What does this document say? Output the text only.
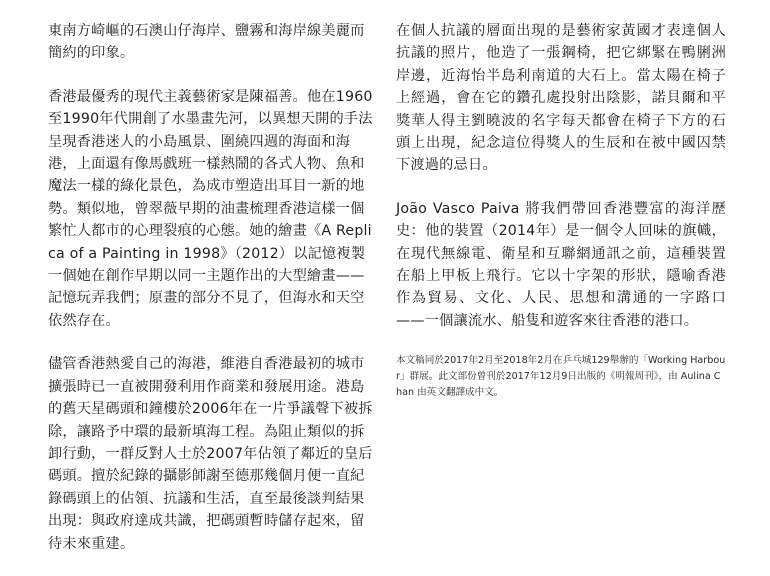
東南方崎嶇的石澳山仔海岸、鹽霧和海岸線美麗而簡約的印象。

香港最優秀的現代主義藝術家是陳福善。他在1960至1990年代開創了水墨畫先河，以異想天開的手法呈現香港迷人的小島風景、圍繞四週的海面和海港，上面還有像馬戲班一樣熱鬧的各式人物、魚和魔法一樣的綠化景色，為成市塑造出耳目一新的地勢。類似地，曾翠薇早期的油畫梳理香港這樣一個繁忙人都市的心理裂痕的心態。她的繪畫《A Replica of a Painting in 1998》（2012）以記憶複製一個她在創作早期以同一主題作出的大型繪畫——記憶玩弄我們；原畫的部分不見了，但海水和天空依然存在。

儘管香港熱愛自己的海港，維港自香港最初的城市擴張時已一直被開發利用作商業和發展用途。港島的舊天星碼頭和鐘樓於2006年在一片爭議聲下被拆除，讓路予中環的最新填海工程。為阻止類似的拆卸行動，一群反對人士於2007年佔領了鄰近的皇后碼頭。擅於紀錄的攝影師謝至德那幾個月便一直紀錄碼頭上的佔領、抗議和生活，直至最後談判結果出現：與政府達成共識，把碼頭暫時儲存起來，留待未來重建。

在個人抗議的層面出現的是藝術家黃國才表達個人抗議的照片，他造了一張鋼椅，把它綁緊在鴨脷洲岸邊，近海怡半島利南道的大石上。當太陽在椅子上經過，會在它的鑽孔處投射出陰影，諾貝爾和平獎華人得主劉曉波的名字每天都會在椅子下方的石頭上出現，紀念這位得獎人的生辰和在被中國囚禁下渡過的忌日。

João Vasco Paiva 將我們帶回香港豐富的海洋歷史：他的裝置（2014年）是一個令人回味的旗幟，在現代無線電、衛星和互聯網通訊之前，這種裝置在船上甲板上飛行。它以十字架的形狀，隱喻香港作為貿易、文化、人民、思想和溝通的一字路口——一個讓流水、船隻和遊客來往香港的港口。

本文稿同於2017年2月至2018年2月在乒乓城129舉辦的「Working Harbour」群展。此文部份曾刊於2017年12月9日出版的《明報周刊》，由 Aulina Chan 由英文翻譯成中文。
